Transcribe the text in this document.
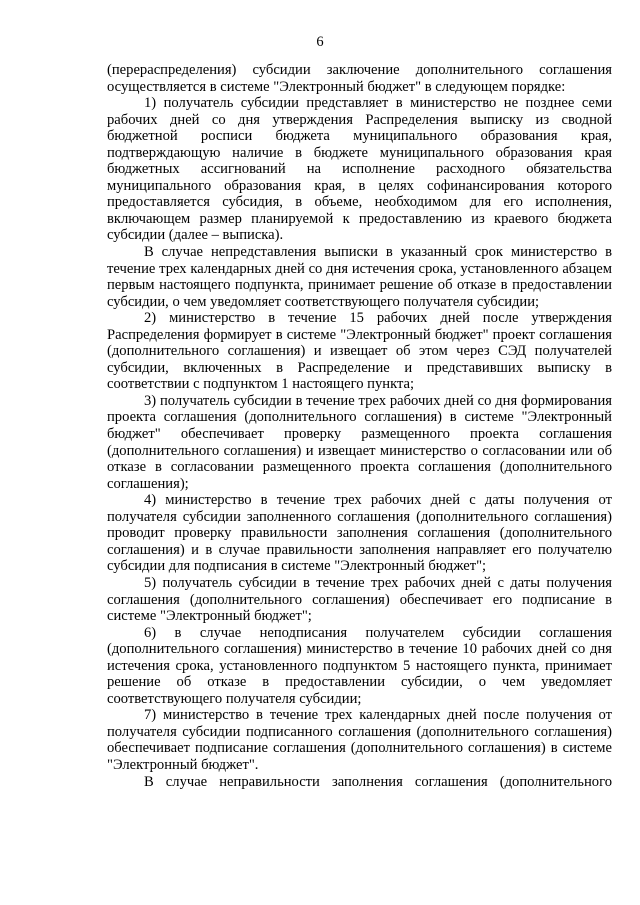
6

(перераспределения) субсидии заключение дополнительного соглашения осуществляется в системе "Электронный бюджет" в следующем порядке:

1) получатель субсидии представляет в министерство не позднее семи рабочих дней со дня утверждения Распределения выписку из сводной бюджетной росписи бюджета муниципального образования края, подтверждающую наличие в бюджете муниципального образования края бюджетных ассигнований на исполнение расходного обязательства муниципального образования края, в целях софинансирования которого предоставляется субсидия, в объеме, необходимом для его исполнения, включающем размер планируемой к предоставлению из краевого бюджета субсидии (далее – выписка).

В случае непредставления выписки в указанный срок министерство в течение трех календарных дней со дня истечения срока, установленного абзацем первым настоящего подпункта, принимает решение об отказе в предоставлении субсидии, о чем уведомляет соответствующего получателя субсидии;

2) министерство в течение 15 рабочих дней после утверждения Распределения формирует в системе "Электронный бюджет" проект соглашения (дополнительного соглашения) и извещает об этом через СЭД получателей субсидии, включенных в Распределение и представивших выписку в соответствии с подпунктом 1 настоящего пункта;

3) получатель субсидии в течение трех рабочих дней со дня формирования проекта соглашения (дополнительного соглашения) в системе "Электронный бюджет" обеспечивает проверку размещенного проекта соглашения (дополнительного соглашения) и извещает министерство о согласовании или об отказе в согласовании размещенного проекта соглашения (дополнительного соглашения);

4) министерство в течение трех рабочих дней с даты получения от получателя субсидии заполненного соглашения (дополнительного соглашения) проводит проверку правильности заполнения соглашения (дополнительного соглашения) и в случае правильности заполнения направляет его получателю субсидии для подписания в системе "Электронный бюджет";

5) получатель субсидии в течение трех рабочих дней с даты получения соглашения (дополнительного соглашения) обеспечивает его подписание в системе "Электронный бюджет";

6) в случае неподписания получателем субсидии соглашения (дополнительного соглашения) министерство в течение 10 рабочих дней со дня истечения срока, установленного подпунктом 5 настоящего пункта, принимает решение об отказе в предоставлении субсидии, о чем уведомляет соответствующего получателя субсидии;

7) министерство в течение трех календарных дней после получения от получателя субсидии подписанного соглашения (дополнительного соглашения) обеспечивает подписание соглашения (дополнительного соглашения) в системе "Электронный бюджет".

В случае неправильности заполнения соглашения (дополнительного
